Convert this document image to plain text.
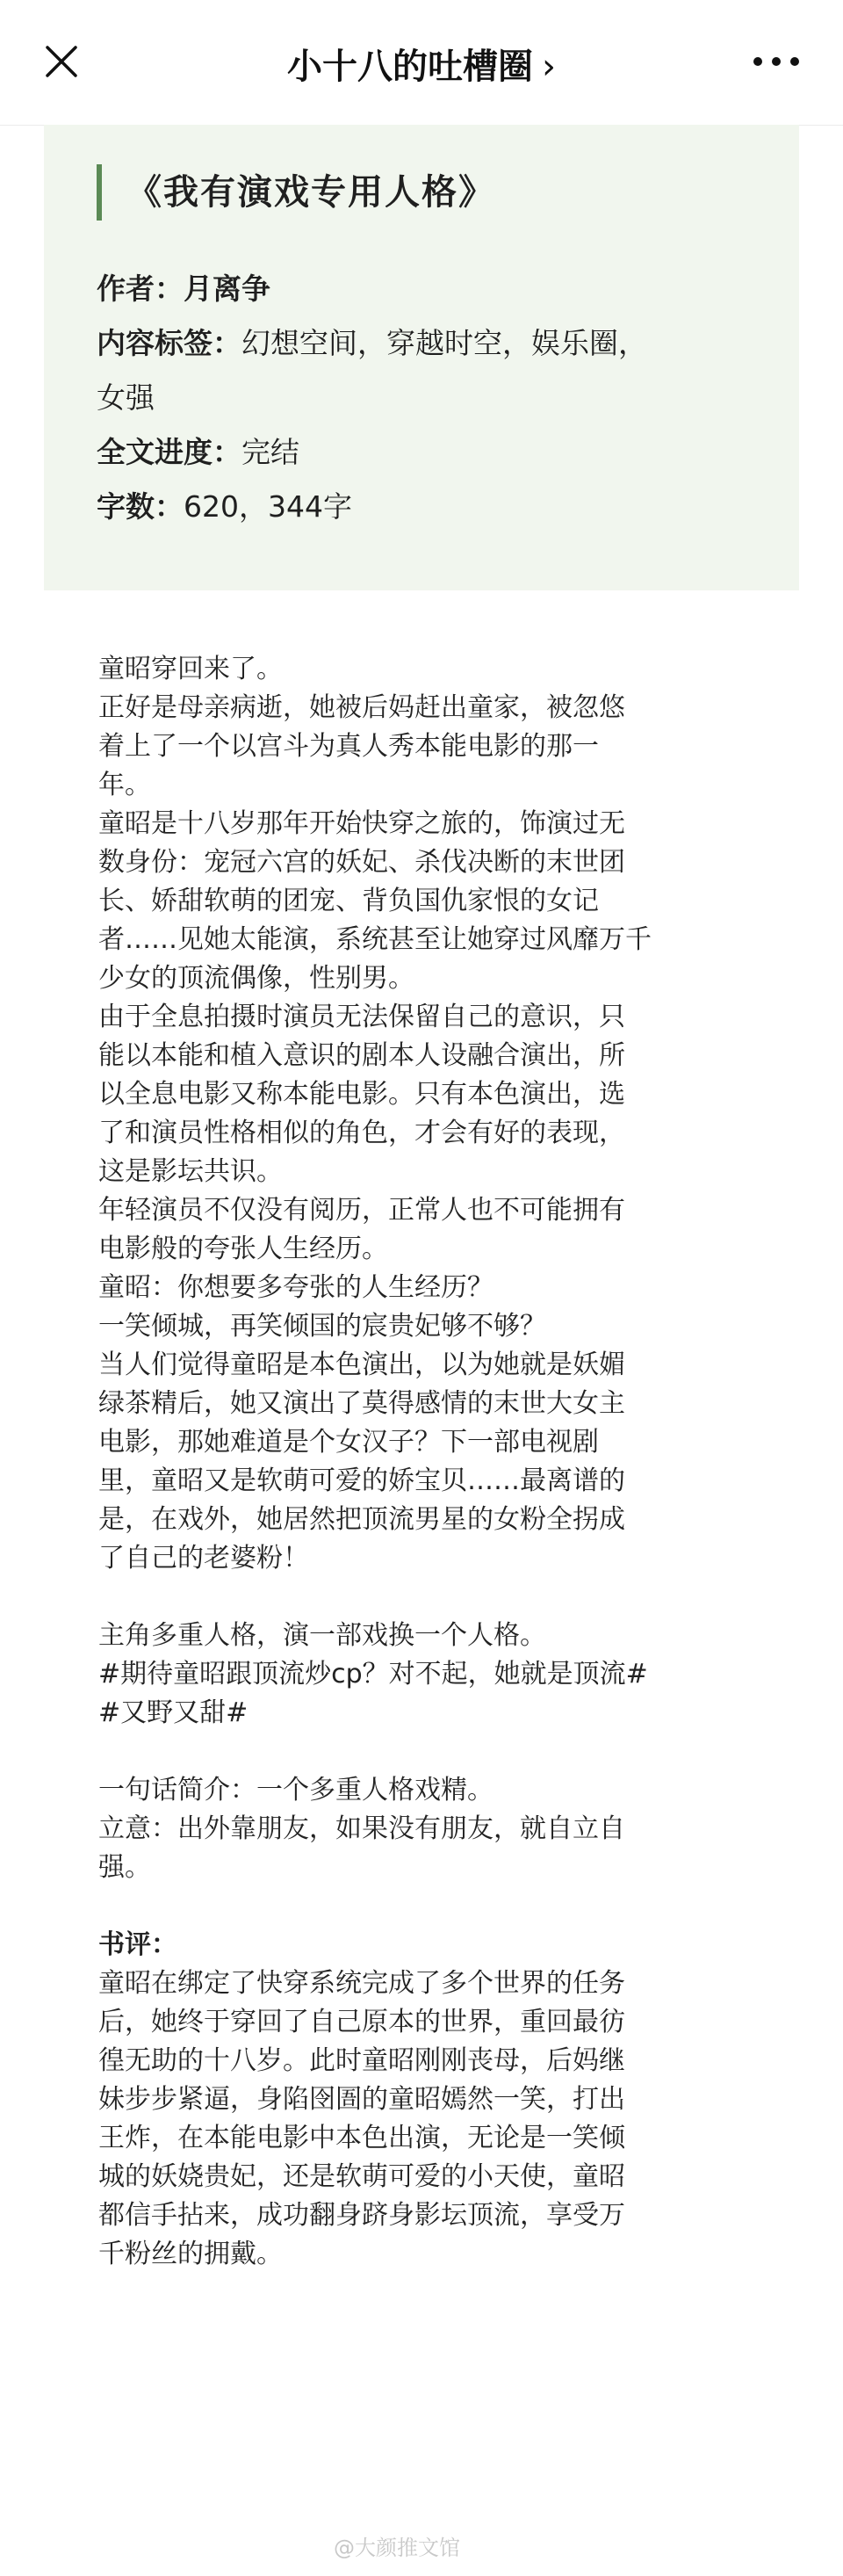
小十八的吐槽圈 ›
《我有演戏专用人格》
作者：月离争
内容标签：幻想空间，穿越时空，娱乐圈，
女强
全文进度：完结
字数：620，344字

童昭穿回来了。

正好是母亲病逝，她被后妈赶出童家，被忽悠

着上了一个以宫斗为真人秀本能电影的那一

年。

童昭是十八岁那年开始快穿之旅的，饰演过无

数身份：宠冠六宫的妖妃、杀伐决断的末世团

长、娇甜软萌的团宠、背负国仇家恨的女记

者……见她太能演，系统甚至让她穿过风靡万千

少女的顶流偶像，性别男。

由于全息拍摄时演员无法保留自己的意识，只

能以本能和植入意识的剧本人设融合演出，所

以全息电影又称本能电影。只有本色演出，选

了和演员性格相似的角色，才会有好的表现，

这是影坛共识。

年轻演员不仅没有阅历，正常人也不可能拥有

电影般的夸张人生经历。

童昭：你想要多夸张的人生经历？

一笑倾城，再笑倾国的宸贵妃够不够？

当人们觉得童昭是本色演出，以为她就是妖媚

绿茶精后，她又演出了莫得感情的末世大女主

电影，那她难道是个女汉子？下一部电视剧

里，童昭又是软萌可爱的娇宝贝……最离谱的

是，在戏外，她居然把顶流男星的女粉全拐成

了自己的老婆粉！

主角多重人格，演一部戏换一个人格。

#期待童昭跟顶流炒cp？对不起，她就是顶流#

#又野又甜#

一句话简介：一个多重人格戏精。

立意：出外靠朋友，如果没有朋友，就自立自

强。

书评：

童昭在绑定了快穿系统完成了多个世界的任务

后，她终于穿回了自己原本的世界，重回最彷

徨无助的十八岁。此时童昭刚刚丧母，后妈继

妹步步紧逼，身陷囹圄的童昭嫣然一笑，打出

王炸，在本能电影中本色出演，无论是一笑倾

城的妖娆贵妃，还是软萌可爱的小天使，童昭

都信手拈来，成功翻身跻身影坛顶流，享受万

千粉丝的拥戴。

@大颜推文馆
